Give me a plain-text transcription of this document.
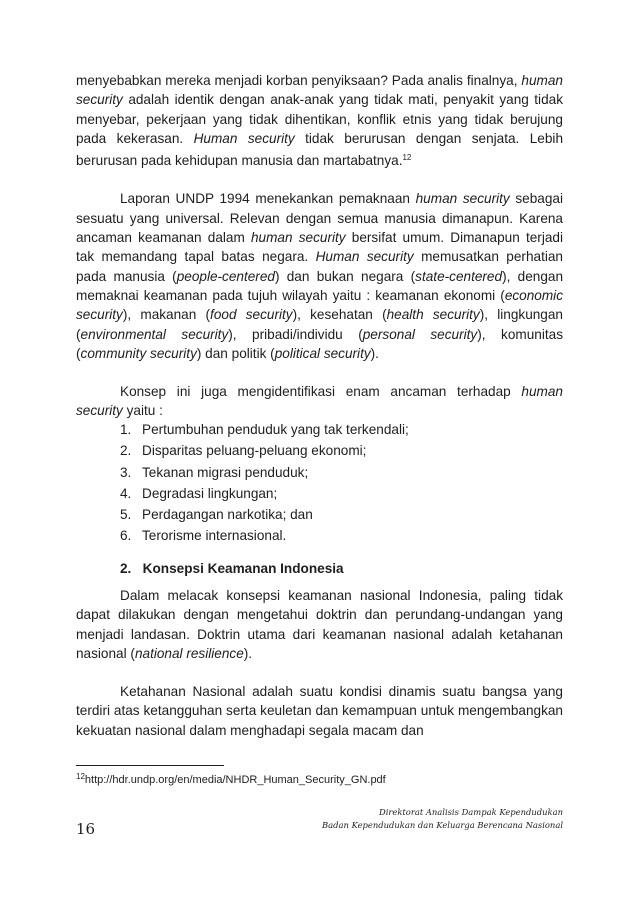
menyebabkan mereka menjadi korban penyiksaan? Pada analis finalnya, human security adalah identik dengan anak-anak yang tidak mati, penyakit yang tidak menyebar, pekerjaan yang tidak dihentikan, konflik etnis yang tidak berujung pada kekerasan. Human security tidak berurusan dengan senjata. Lebih berurusan pada kehidupan manusia dan martabatnya.$^{12}$

Laporan UNDP 1994 menekankan pemaknaan human security sebagai sesuatu yang universal. Relevan dengan semua manusia dimanapun. Karena ancaman keamanan dalam human security bersifat umum. Dimanapun terjadi tak memandang tapal batas negara. Human security memusatkan perhatian pada manusia (people-centered) dan bukan negara (state-centered), dengan memaknai keamanan pada tujuh wilayah yaitu : keamanan ekonomi (economic security), makanan (food security), kesehatan (health security), lingkungan (environmental security), pribadi/individu (personal security), komunitas (community security) dan politik (political security).

Konsep ini juga mengidentifikasi enam ancaman terhadap human security yaitu :

1. Pertumbuhan penduduk yang tak terkendali;
2. Disparitas peluang-peluang ekonomi;
3. Tekanan migrasi penduduk;
4. Degradasi lingkungan;
5. Perdagangan narkotika; dan
6. Terorisme internasional.
2.   Konsepsi Keamanan Indonesia

Dalam melacak konsepsi keamanan nasional Indonesia, paling tidak dapat dilakukan dengan mengetahui doktrin dan perundang-undangan yang menjadi landasan. Doktrin utama dari keamanan nasional adalah ketahanan nasional (national resilience).

Ketahanan Nasional adalah suatu kondisi dinamis suatu bangsa yang terdiri atas ketangguhan serta keuletan dan kemampuan untuk mengembangkan kekuatan nasional dalam menghadapi segala macam dan

$^{12}$http://hdr.undp.org/en/media/NHDR_Human_Security_GN.pdf
16
Direktorat Analisis Dampak Kependudukan
Badan Kependudukan dan Keluarga Berencana Nasional
